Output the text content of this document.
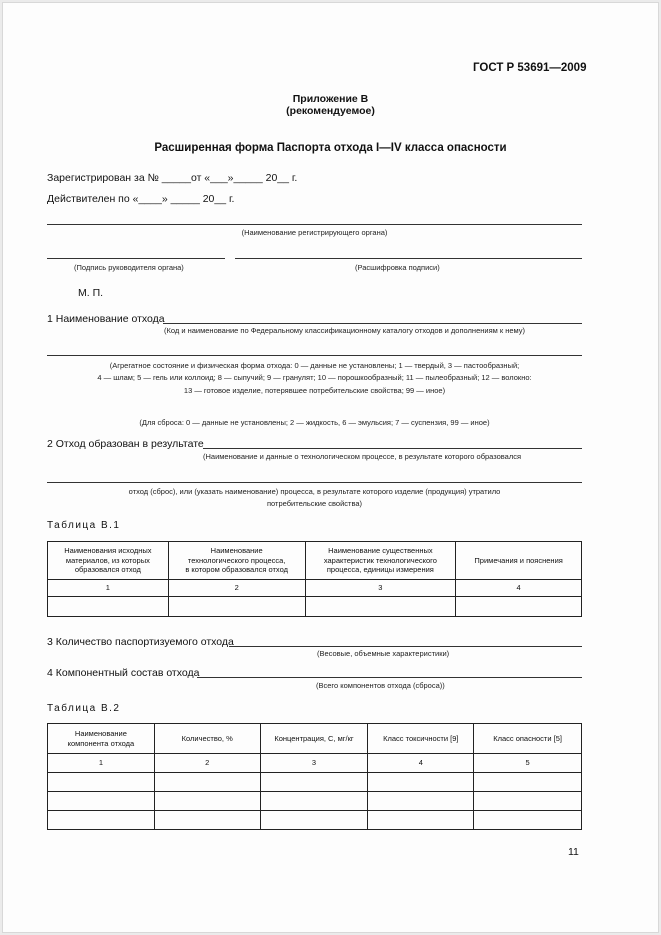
ГОСТ Р 53691—2009
Приложение В
(рекомендуемое)
Расширенная форма Паспорта отхода I—IV класса опасности
Зарегистрирован за № _____от «___»_____ 20__ г.
Действителен по «____» _____ 20__ г.
(Наименование регистрирующего органа)
(Подпись руководителя органа)	(Расшифровка подписи)
М. П.
1 Наименование отхода
(Код и наименование по Федеральному классификационному каталогу отходов и дополнениям к нему)
(Агрегатное состояние и физическая форма отхода: 0 — данные не установлены; 1 — твердый, 3 — пастообразный;
4 — шлам; 5 — гель или коллоид; 8 — сыпучий; 9 — гранулят; 10 — порошкообразный; 11 — пылеобразный; 12 — волокно:
13 — готовое изделие, потерявшее потребительские свойства; 99 — иное)
(Для сброса: 0 — данные не установлены; 2 — жидкость, 6 — эмульсия; 7 — суспензия, 99 — иное)
2 Отход образован в результате
(Наименование и данные о технологическом процессе, в результате которого образовался
отход (сброс), или (указать наименование) процесса, в результате которого изделие (продукция) утратило
потребительские свойства)
Таблица В.1
Наименования исходных
материалов, из которых
образовался отход	Наименование
технологического процесса,
в котором образовался отход	Наименование существенных
характеристик технологического
процесса, единицы измерения	Примечания и пояснения
1	2	3	4

3 Количество паспортизуемого отхода
(Весовые, объемные характеристики)
4 Компонентный состав отхода
(Всего компонентов отхода (сброса))
Таблица В.2
Наименование
компонента отхода	Количество, %	Концентрация, С, мг/кг	Класс токсичности [9]	Класс опасности [5]
1	2	3	4	5

11
